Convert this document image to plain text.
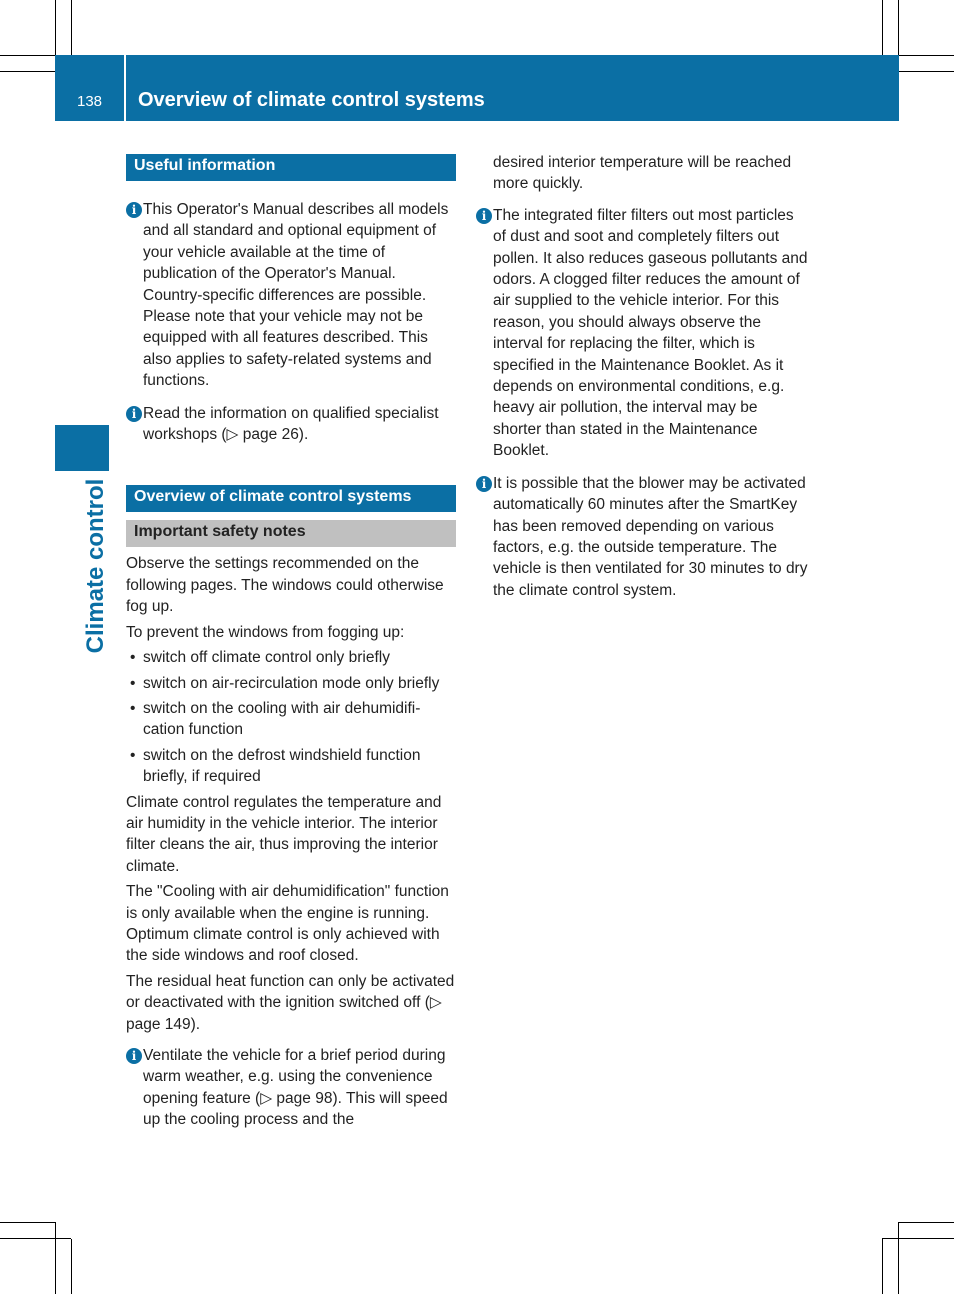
138	Overview of climate control systems
Climate control
Useful information
i This Operator's Manual describes all models and all standard and optional equipment of your vehicle available at the time of publication of the Operator's Manual. Country-specific differences are possible. Please note that your vehicle may not be equipped with all features described. This also applies to safety-related systems and functions.
i Read the information on qualified specialist workshops (▷ page 26).
Overview of climate control systems
Important safety notes

Observe the settings recommended on the following pages. The windows could otherwise fog up.

To prevent the windows from fogging up:

• switch off climate control only briefly
• switch on air-recirculation mode only briefly
• switch on the cooling with air dehumidification function
• switch on the defrost windshield function briefly, if required

Climate control regulates the temperature and air humidity in the vehicle interior. The interior filter cleans the air, thus improving the interior climate.

The "Cooling with air dehumidification" function is only available when the engine is running. Optimum climate control is only achieved with the side windows and roof closed.

The residual heat function can only be activated or deactivated with the ignition switched off (▷ page 149).

i Ventilate the vehicle for a brief period during warm weather, e.g. using the convenience opening feature (▷ page 98). This will speed up the cooling process and the

desired interior temperature will be reached more quickly.

i The integrated filter filters out most particles of dust and soot and completely filters out pollen. It also reduces gaseous pollutants and odors. A clogged filter reduces the amount of air supplied to the vehicle interior. For this reason, you should always observe the interval for replacing the filter, which is specified in the Maintenance Booklet. As it depends on environmental conditions, e.g. heavy air pollution, the interval may be shorter than stated in the Maintenance Booklet.
i It is possible that the blower may be activated automatically 60 minutes after the SmartKey has been removed depending on various factors, e.g. the outside temperature. The vehicle is then ventilated for 30 minutes to dry the climate control system.
